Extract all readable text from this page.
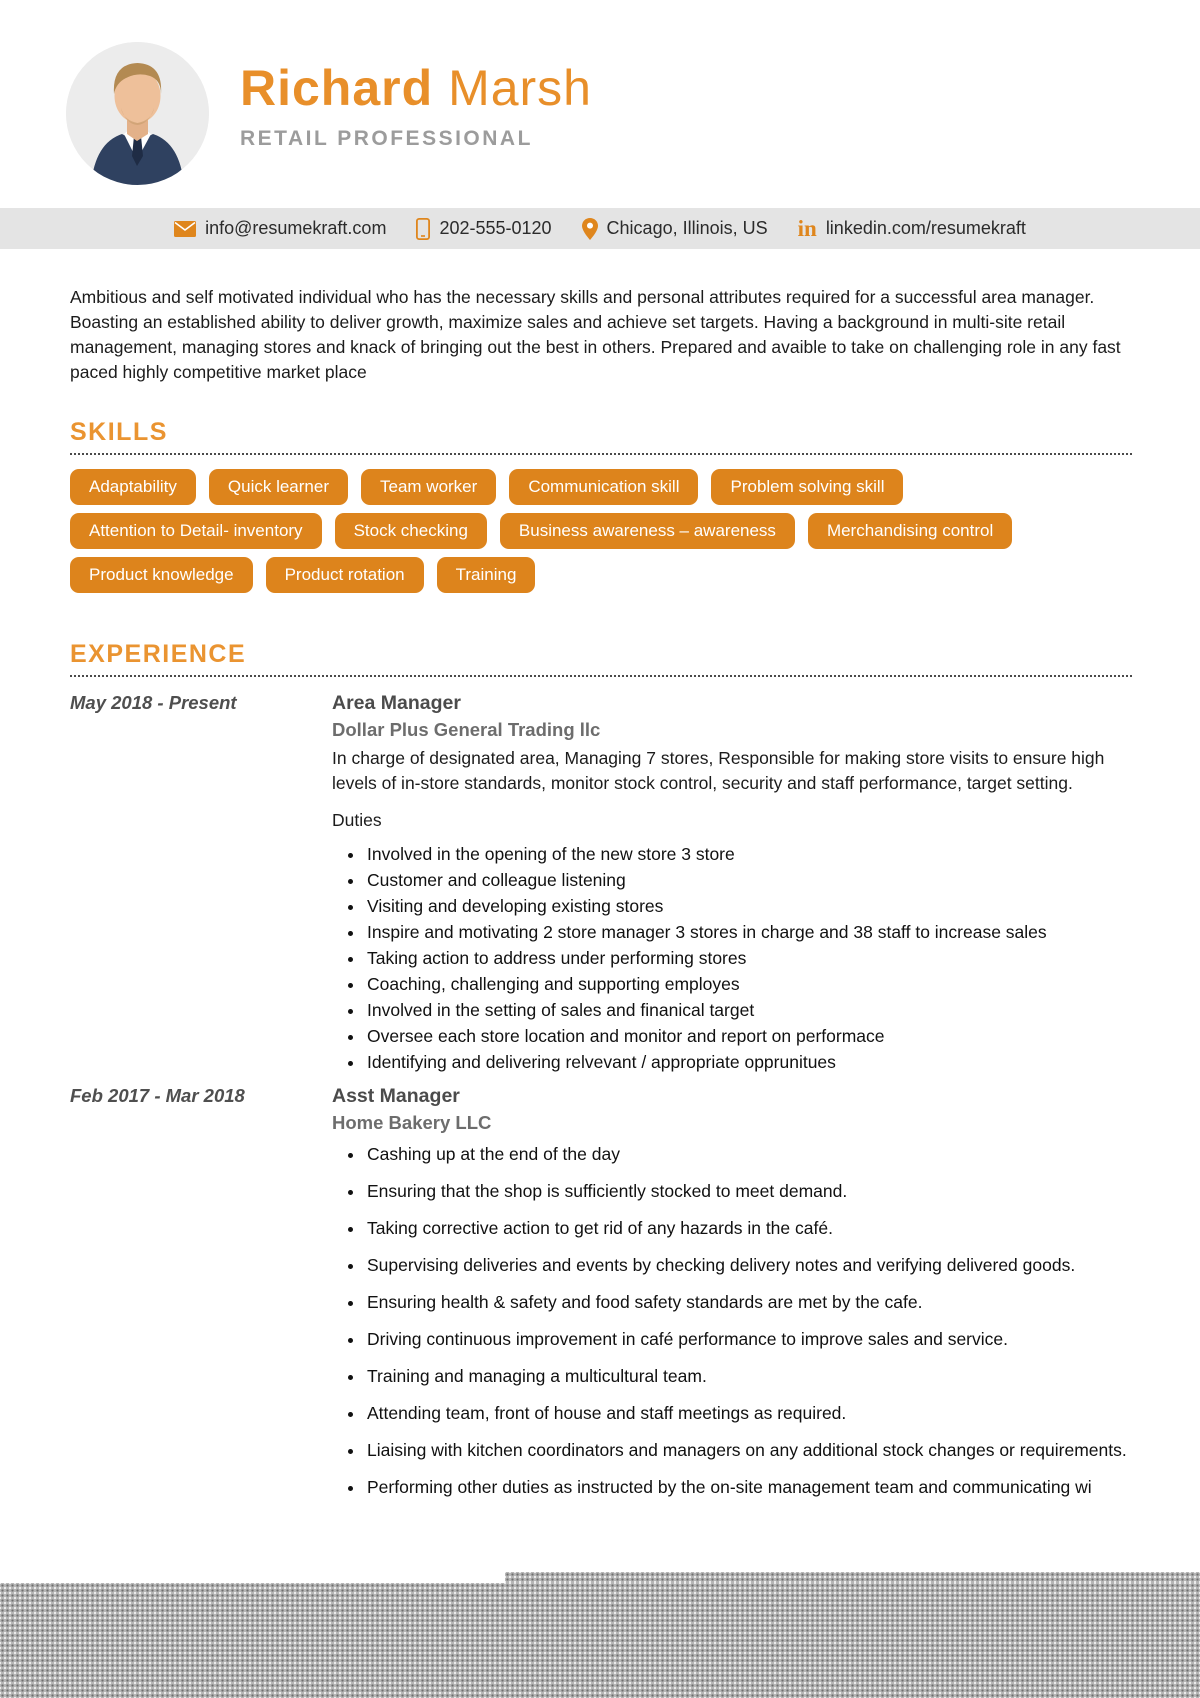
Richard Marsh
RETAIL PROFESSIONAL
info@resumekraft.com	202-555-0120	Chicago, Illinois, US in linkedin.com/resumekraft

Ambitious and self motivated individual who has the necessary skills and personal attributes required for a successful area manager. Boasting an established ability to deliver growth, maximize sales and achieve set targets. Having a background in multi-site retail management, managing stores and knack of bringing out the best in others. Prepared and avaible to take on challenging role in any fast paced highly competitive market place

SKILLS
Adaptability	Quick learner	Team worker	Communication skill	Problem solving skill
Attention to Detail- inventory	Stock checking	Business awareness – awareness	Merchandising control
Product knowledge	Product rotation	Training
EXPERIENCE
May 2018 - Present	Area Manager
Dollar Plus General Trading llc

In charge of designated area, Managing 7 stores, Responsible for making store visits to ensure high levels of in-store standards, monitor stock control, security and staff performance, target setting.

Duties

• Involved in the opening of the new store 3 store
• Customer and colleague listening
• Visiting and developing existing stores
• Inspire and motivating 2 store manager 3 stores in charge and 38 staff to increase sales
• Taking action to address under performing stores
• Coaching, challenging and supporting employes
• Involved in the setting of sales and finanical target
• Oversee each store location and monitor and report on performace
• Identifying and delivering relvevant / appropriate opprunitues
Feb 2017 - Mar 2018	Asst Manager
Home Bakery LLC
• Cashing up at the end of the day
• Ensuring that the shop is sufficiently stocked to meet demand.
• Taking corrective action to get rid of any hazards in the café.
• Supervising deliveries and events by checking delivery notes and verifying delivered goods.
• Ensuring health & safety and food safety standards are met by the cafe.
• Driving continuous improvement in café performance to improve sales and service.
• Training and managing a multicultural team.
• Attending team, front of house and staff meetings as required.
• Liaising with kitchen coordinators and managers on any additional stock changes or requirements.
• Performing other duties as instructed by the on-site management team and communicating wi
